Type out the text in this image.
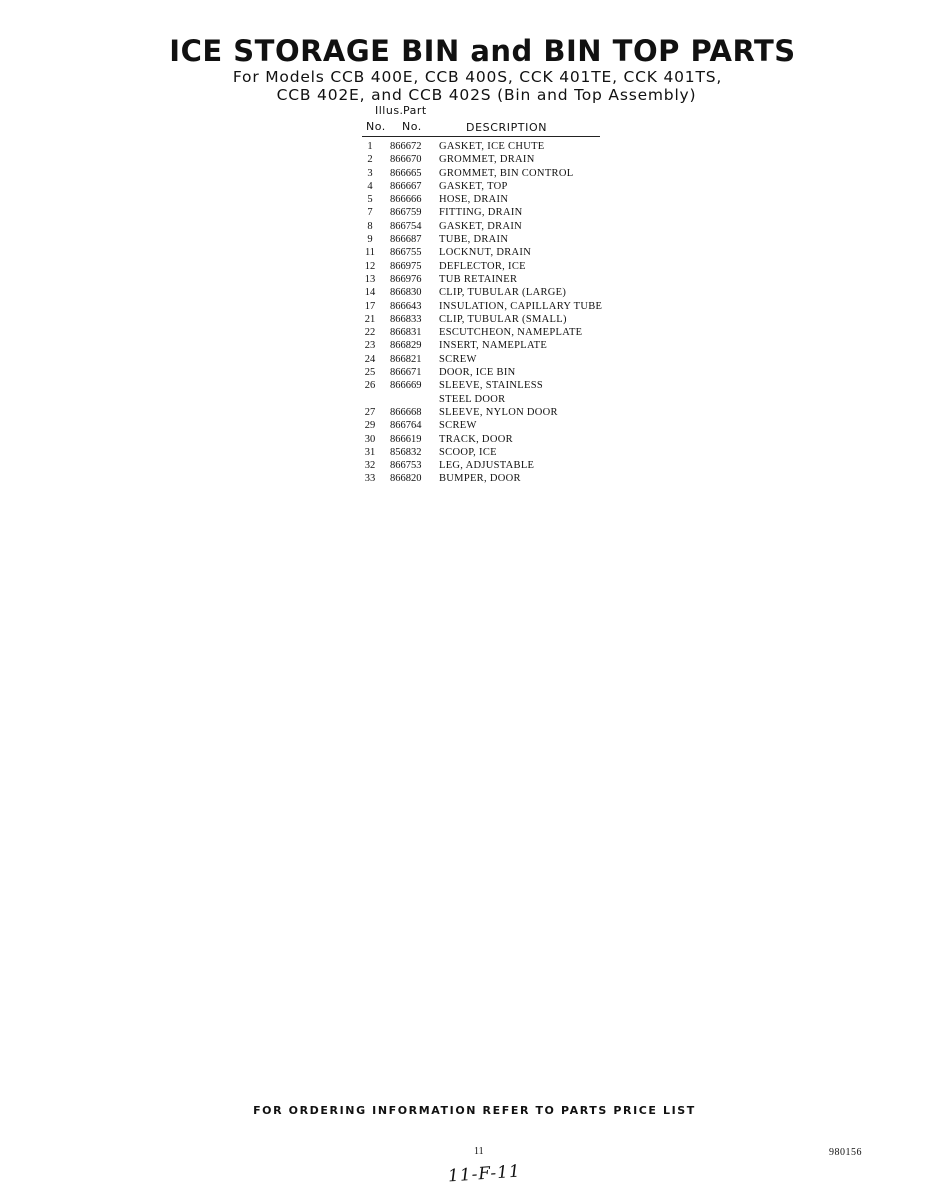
ICE STORAGE BIN and BIN TOP PARTS
For Models CCB 400E, CCB 400S, CCK 401TE, CCK 401TS,
CCB 402E, and CCB 402S (Bin and Top Assembly)
Illus. Part
No. No.	DESCRIPTION
1	866672 GASKET, ICE CHUTE
2	866670 GROMMET, DRAIN
3	866665 GROMMET, BIN CONTROL
4	866667 GASKET, TOP
5	866666 HOSE, DRAIN
7	866759 FITTING, DRAIN
8	866754 GASKET, DRAIN
9	866687 TUBE, DRAIN
11 866755 LOCKNUT, DRAIN
12 866975 DEFLECTOR, ICE
13 866976 TUB RETAINER
14 866830 CLIP, TUBULAR (LARGE)
17 866643 INSULATION, CAPILLARY TUBE
21 866833 CLIP, TUBULAR (SMALL)
22 866831 ESCUTCHEON, NAMEPLATE
23 866829 INSERT, NAMEPLATE
24 866821 SCREW
25 866671 DOOR, ICE BIN
26 866669 SLEEVE, STAINLESS
STEEL DOOR
27 866668 SLEEVE, NYLON DOOR
29 866764 SCREW
30 866619 TRACK, DOOR
31 856832 SCOOP, ICE
32 866753 LEG, ADJUSTABLE
33 866820 BUMPER, DOOR
FOR ORDERING INFORMATION REFER TO PARTS PRICE LIST
11	980156
11-F-11
